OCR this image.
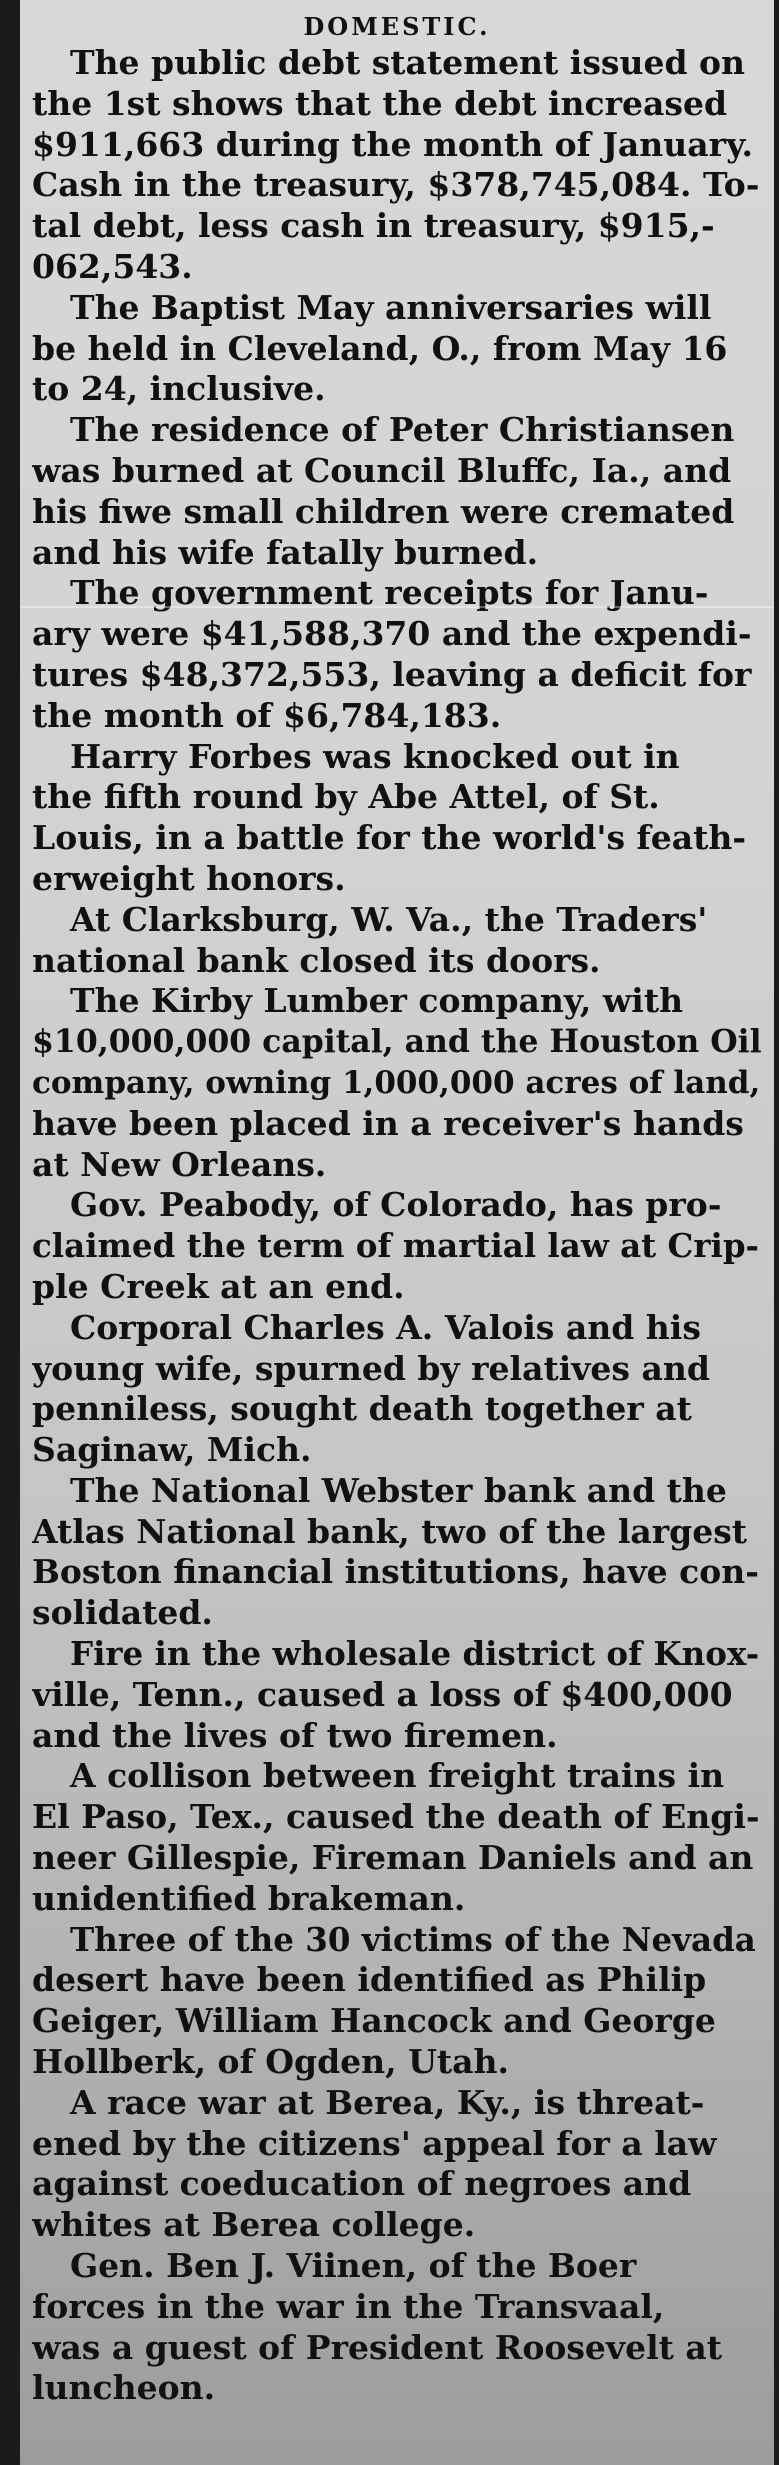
DOMESTIC.
The public debt statement issued on
the 1st shows that the debt increased
$911,663 during the month of January.
Cash in the treasury, $378,745,084. To-
tal debt, less cash in treasury, $915,-
062,543.
The Baptist May anniversaries will
be held in Cleveland, O., from May 16
to 24, inclusive.
The residence of Peter Christiansen
was burned at Council Bluffc, Ia., and
his fiwe small children were cremated
and his wife fatally burned.
The government receipts for Janu-
ary were $41,588,370 and the expendi-
tures $48,372,553, leaving a deficit for
the month of $6,784,183.
Harry Forbes was knocked out in
the fifth round by Abe Attel, of St.
Louis, in a battle for the world's feath-
erweight honors.
At Clarksburg, W. Va., the Traders'
national bank closed its doors.
The Kirby Lumber company, with
$10,000,000 capital, and the Houston Oil
company, owning 1,000,000 acres of land,
have been placed in a receiver's hands
at New Orleans.
Gov. Peabody, of Colorado, has pro-
claimed the term of martial law at Crip-
ple Creek at an end.
Corporal Charles A. Valois and his
young wife, spurned by relatives and
penniless, sought death together at
Saginaw, Mich.
The National Webster bank and the
Atlas National bank, two of the largest
Boston financial institutions, have con-
solidated.
Fire in the wholesale district of Knox-
ville, Tenn., caused a loss of $400,000
and the lives of two firemen.
A collison between freight trains in
El Paso, Tex., caused the death of Engi-
neer Gillespie, Fireman Daniels and an
unidentified brakeman.
Three of the 30 victims of the Nevada
desert have been identified as Philip
Geiger, William Hancock and George
Hollberk, of Ogden, Utah.
A race war at Berea, Ky., is threat-
ened by the citizens' appeal for a law
against coeducation of negroes and
whites at Berea college.
Gen. Ben J. Viinen, of the Boer
forces in the war in the Transvaal,
was a guest of President Roosevelt at
luncheon.
